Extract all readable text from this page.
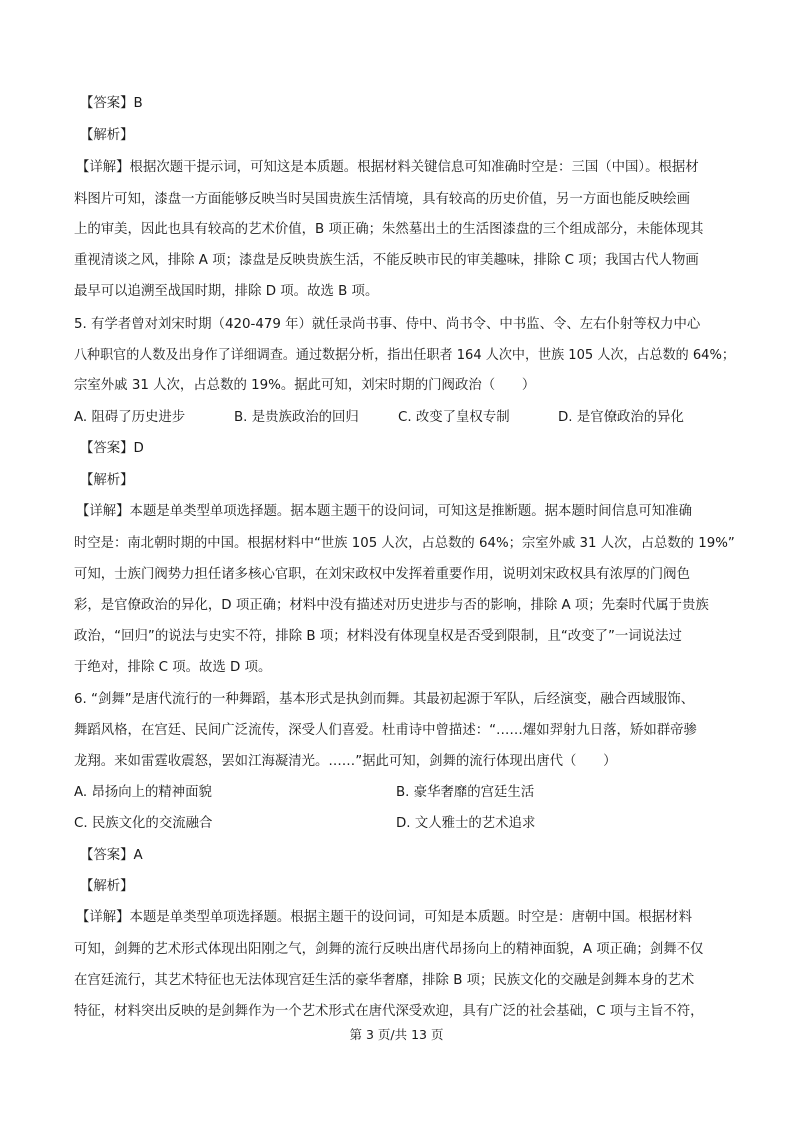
【答案】B
【解析】
【详解】根据次题干提示词，可知这是本质题。根据材料关键信息可知准确时空是：三国（中国）。根据材
料图片可知，漆盘一方面能够反映当时吴国贵族生活情境，具有较高的历史价值，另一方面也能反映绘画
上的审美，因此也具有较高的艺术价值，B 项正确；朱然墓出土的生活图漆盘的三个组成部分，未能体现其
重视清谈之风，排除 A 项；漆盘是反映贵族生活，不能反映市民的审美趣味，排除 C 项；我国古代人物画
最早可以追溯至战国时期，排除 D 项。故选 B 项。
5. 有学者曾对刘宋时期（420-479 年）就任录尚书事、侍中、尚书令、中书监、令、左右仆射等权力中心
八种职官的人数及出身作了详细调查。通过数据分析，指出任职者 164 人次中，世族 105 人次，占总数的 64%；
宗室外戚 31 人次，占总数的 19%。据此可知，刘宋时期的门阀政治（　　）
A. 阻碍了历史进步	B. 是贵族政治的回归	C. 改变了皇权专制	D. 是官僚政治的异化
【答案】D
【解析】
【详解】本题是单类型单项选择题。据本题主题干的设问词，可知这是推断题。据本题时间信息可知准确
时空是：南北朝时期的中国。根据材料中“世族 105 人次，占总数的 64%；宗室外戚 31 人次，占总数的 19%”
可知，士族门阀势力担任诸多核心官职，在刘宋政权中发挥着重要作用，说明刘宋政权具有浓厚的门阀色
彩，是官僚政治的异化，D 项正确；材料中没有描述对历史进步与否的影响，排除 A 项；先秦时代属于贵族
政治，“回归”的说法与史实不符，排除 B 项；材料没有体现皇权是否受到限制，且“改变了”一词说法过
于绝对，排除 C 项。故选 D 项。
6. “剑舞”是唐代流行的一种舞蹈，基本形式是执剑而舞。其最初起源于军队，后经演变，融合西域服饰、
舞蹈风格，在宫廷、民间广泛流传，深受人们喜爱。杜甫诗中曾描述：“……燿如羿射九日落，矫如群帝骖
龙翔。来如雷霆收震怒，罢如江海凝清光。……”据此可知，剑舞的流行体现出唐代（　　）
A. 昂扬向上的精神面貌	B. 豪华奢靡的宫廷生活
C. 民族文化的交流融合	D. 文人雅士的艺术追求
【答案】A
【解析】
【详解】本题是单类型单项选择题。根据主题干的设问词，可知是本质题。时空是：唐朝中国。根据材料
可知，剑舞的艺术形式体现出阳刚之气，剑舞的流行反映出唐代昂扬向上的精神面貌，A 项正确；剑舞不仅
在宫廷流行，其艺术特征也无法体现宫廷生活的豪华奢靡，排除 B 项；民族文化的交融是剑舞本身的艺术
特征，材料突出反映的是剑舞作为一个艺术形式在唐代深受欢迎，具有广泛的社会基础，C 项与主旨不符，
第 3 页/共 13 页
